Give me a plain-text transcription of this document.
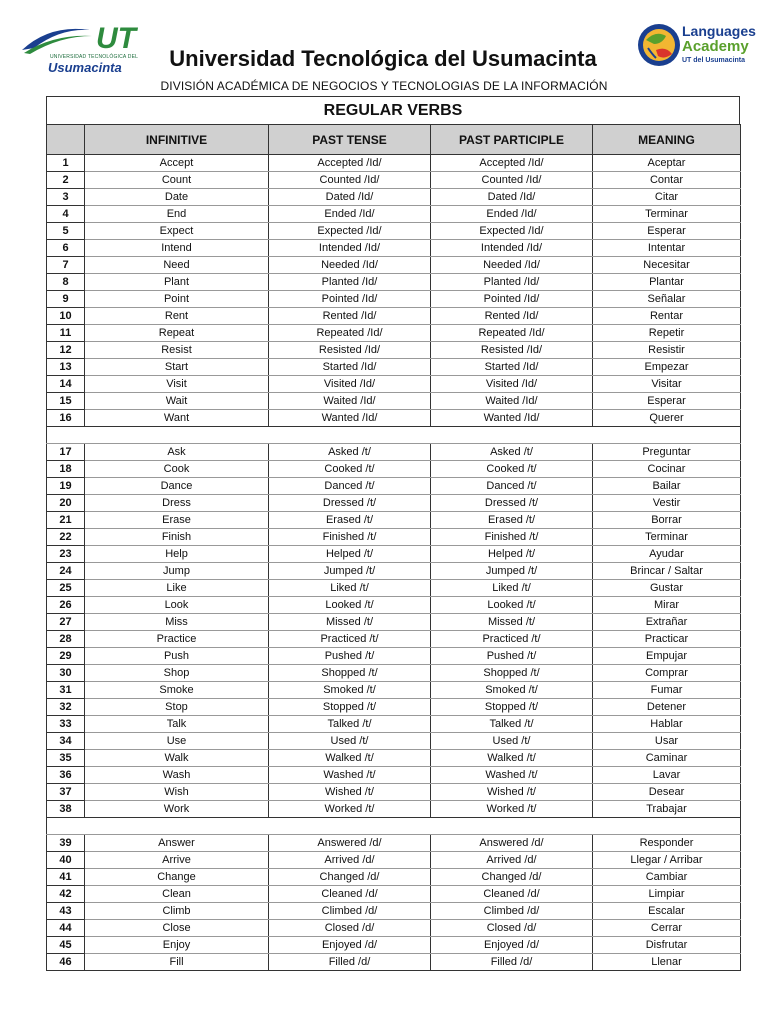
UT
UNIVERSIDAD TECNOLÓGICA DEL
Usumacinta	Universidad Tecnológica del Usumacinta
DIVISIÓN ACADÉMICA DE NEGOCIOS Y TECNOLOGIAS DE LA INFORMACIÓN
Languages
Academy
UT del Usumacinta
REGULAR VERBS
	INFINITIVE	PAST TENSE	PAST PARTICIPLE	MEANING
1	Accept	Accepted /Id/	Accepted /Id/	Aceptar
2	Count	Counted /Id/	Counted /Id/	Contar
3	Date	Dated /Id/	Dated /Id/	Citar
4	End	Ended /Id/	Ended /Id/	Terminar
5	Expect	Expected /Id/	Expected /Id/	Esperar
6	Intend	Intended /Id/	Intended /Id/	Intentar
7	Need	Needed /Id/	Needed /Id/	Necesitar
8	Plant	Planted /Id/	Planted /Id/	Plantar
9	Point	Pointed /Id/	Pointed /Id/	Señalar
10	Rent	Rented /Id/	Rented /Id/	Rentar
11	Repeat	Repeated /Id/	Repeated /Id/	Repetir
12	Resist	Resisted /Id/	Resisted /Id/	Resistir
13	Start	Started /Id/	Started /Id/	Empezar
14	Visit	Visited /Id/	Visited /Id/	Visitar
15	Wait	Waited /Id/	Waited /Id/	Esperar
16	Want	Wanted /Id/	Wanted /Id/	Querer

17	Ask	Asked /t/	Asked /t/	Preguntar
18	Cook	Cooked /t/	Cooked /t/	Cocinar
19	Dance	Danced /t/	Danced /t/	Bailar
20	Dress	Dressed /t/	Dressed /t/	Vestir
21	Erase	Erased /t/	Erased /t/	Borrar
22	Finish	Finished /t/	Finished /t/	Terminar
23	Help	Helped /t/	Helped /t/	Ayudar
24	Jump	Jumped /t/	Jumped /t/	Brincar / Saltar
25	Like	Liked /t/	Liked /t/	Gustar
26	Look	Looked /t/	Looked /t/	Mirar
27	Miss	Missed /t/	Missed /t/	Extrañar
28	Practice	Practiced /t/	Practiced /t/	Practicar
29	Push	Pushed /t/	Pushed /t/	Empujar
30	Shop	Shopped /t/	Shopped /t/	Comprar
31	Smoke	Smoked /t/	Smoked /t/	Fumar
32	Stop	Stopped /t/	Stopped /t/	Detener
33	Talk	Talked /t/	Talked /t/	Hablar
34	Use	Used /t/	Used /t/	Usar
35	Walk	Walked /t/	Walked /t/	Caminar
36	Wash	Washed /t/	Washed /t/	Lavar
37	Wish	Wished /t/	Wished /t/	Desear
38	Work	Worked /t/	Worked /t/	Trabajar

39	Answer	Answered /d/	Answered /d/	Responder
40	Arrive	Arrived /d/	Arrived /d/	Llegar / Arribar
41	Change	Changed /d/	Changed /d/	Cambiar
42	Clean	Cleaned /d/	Cleaned /d/	Limpiar
43	Climb	Climbed /d/	Climbed /d/	Escalar
44	Close	Closed /d/	Closed /d/	Cerrar
45	Enjoy	Enjoyed /d/	Enjoyed /d/	Disfrutar
46	Fill	Filled /d/	Filled /d/	Llenar
